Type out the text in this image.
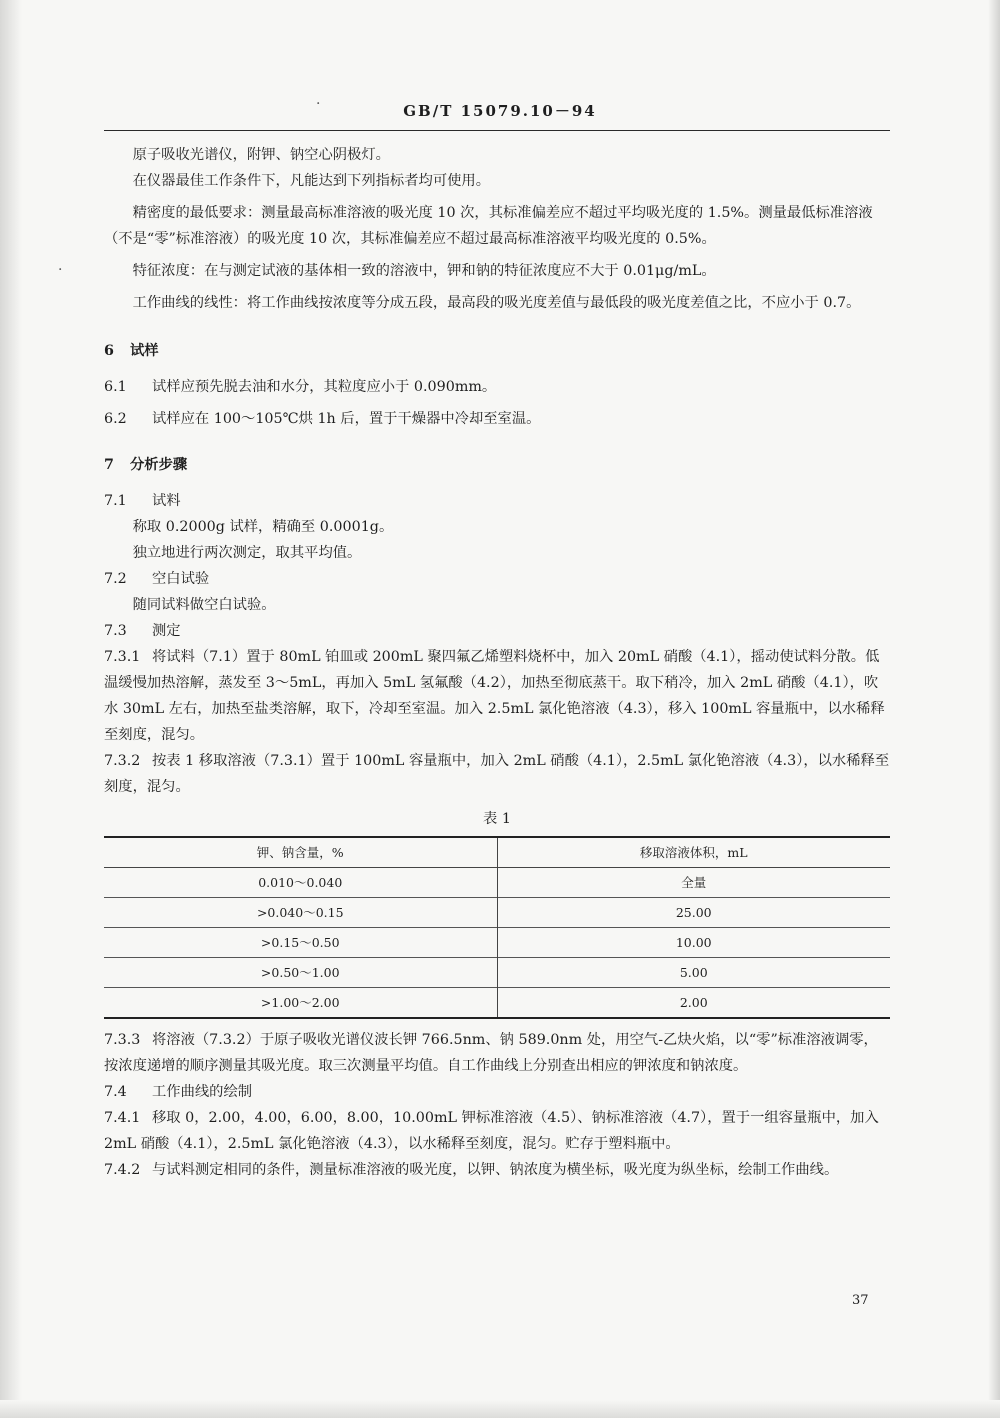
·
·
GB/T 15079.10－94

原子吸收光谱仪，附钾、钠空心阴极灯。

在仪器最佳工作条件下，凡能达到下列指标者均可使用。

精密度的最低要求：测量最高标准溶液的吸光度 10 次，其标准偏差应不超过平均吸光度的 1.5%。测量最低标准溶液（不是“零”标准溶液）的吸光度 10 次，其标准偏差应不超过最高标准溶液平均吸光度的 0.5%。

特征浓度：在与测定试液的基体相一致的溶液中，钾和钠的特征浓度应不大于 0.01μg/mL。

工作曲线的线性：将工作曲线按浓度等分成五段，最高段的吸光度差值与最低段的吸光度差值之比，不应小于 0.7。

6 试样

6.1 试样应预先脱去油和水分，其粒度应小于 0.090mm。

6.2 试样应在 100～105℃烘 1h 后，置于干燥器中冷却至室温。

7 分析步骤

7.1 试料

称取 0.2000g 试样，精确至 0.0001g。

独立地进行两次测定，取其平均值。

7.2 空白试验

随同试料做空白试验。

7.3 测定

7.3.1 将试料（7.1）置于 80mL 铂皿或 200mL 聚四氟乙烯塑料烧杯中，加入 20mL 硝酸（4.1），摇动使试料分散。低温缓慢加热溶解，蒸发至 3～5mL，再加入 5mL 氢氟酸（4.2），加热至彻底蒸干。取下稍冷，加入 2mL 硝酸（4.1），吹水 30mL 左右，加热至盐类溶解，取下，冷却至室温。加入 2.5mL 氯化铯溶液（4.3），移入 100mL 容量瓶中，以水稀释至刻度，混匀。

7.3.2 按表 1 移取溶液（7.3.1）置于 100mL 容量瓶中，加入 2mL 硝酸（4.1），2.5mL 氯化铯溶液（4.3），以水稀释至刻度，混匀。

表 1

钾、钠含量，%	移取溶液体积，mL
0.010～0.040	全量
>0.040～0.15	25.00
>0.15～0.50	10.00
>0.50～1.00	5.00
>1.00～2.00	2.00

7.3.3 将溶液（7.3.2）于原子吸收光谱仪波长钾 766.5nm、钠 589.0nm 处，用空气-乙炔火焰，以“零”标准溶液调零，按浓度递增的顺序测量其吸光度。取三次测量平均值。自工作曲线上分别查出相应的钾浓度和钠浓度。

7.4 工作曲线的绘制

7.4.1 移取 0，2.00，4.00，6.00，8.00，10.00mL 钾标准溶液（4.5）、钠标准溶液（4.7），置于一组容量瓶中，加入 2mL 硝酸（4.1），2.5mL 氯化铯溶液（4.3），以水稀释至刻度，混匀。贮存于塑料瓶中。

7.4.2 与试料测定相同的条件，测量标准溶液的吸光度，以钾、钠浓度为横坐标，吸光度为纵坐标，绘制工作曲线。

37
